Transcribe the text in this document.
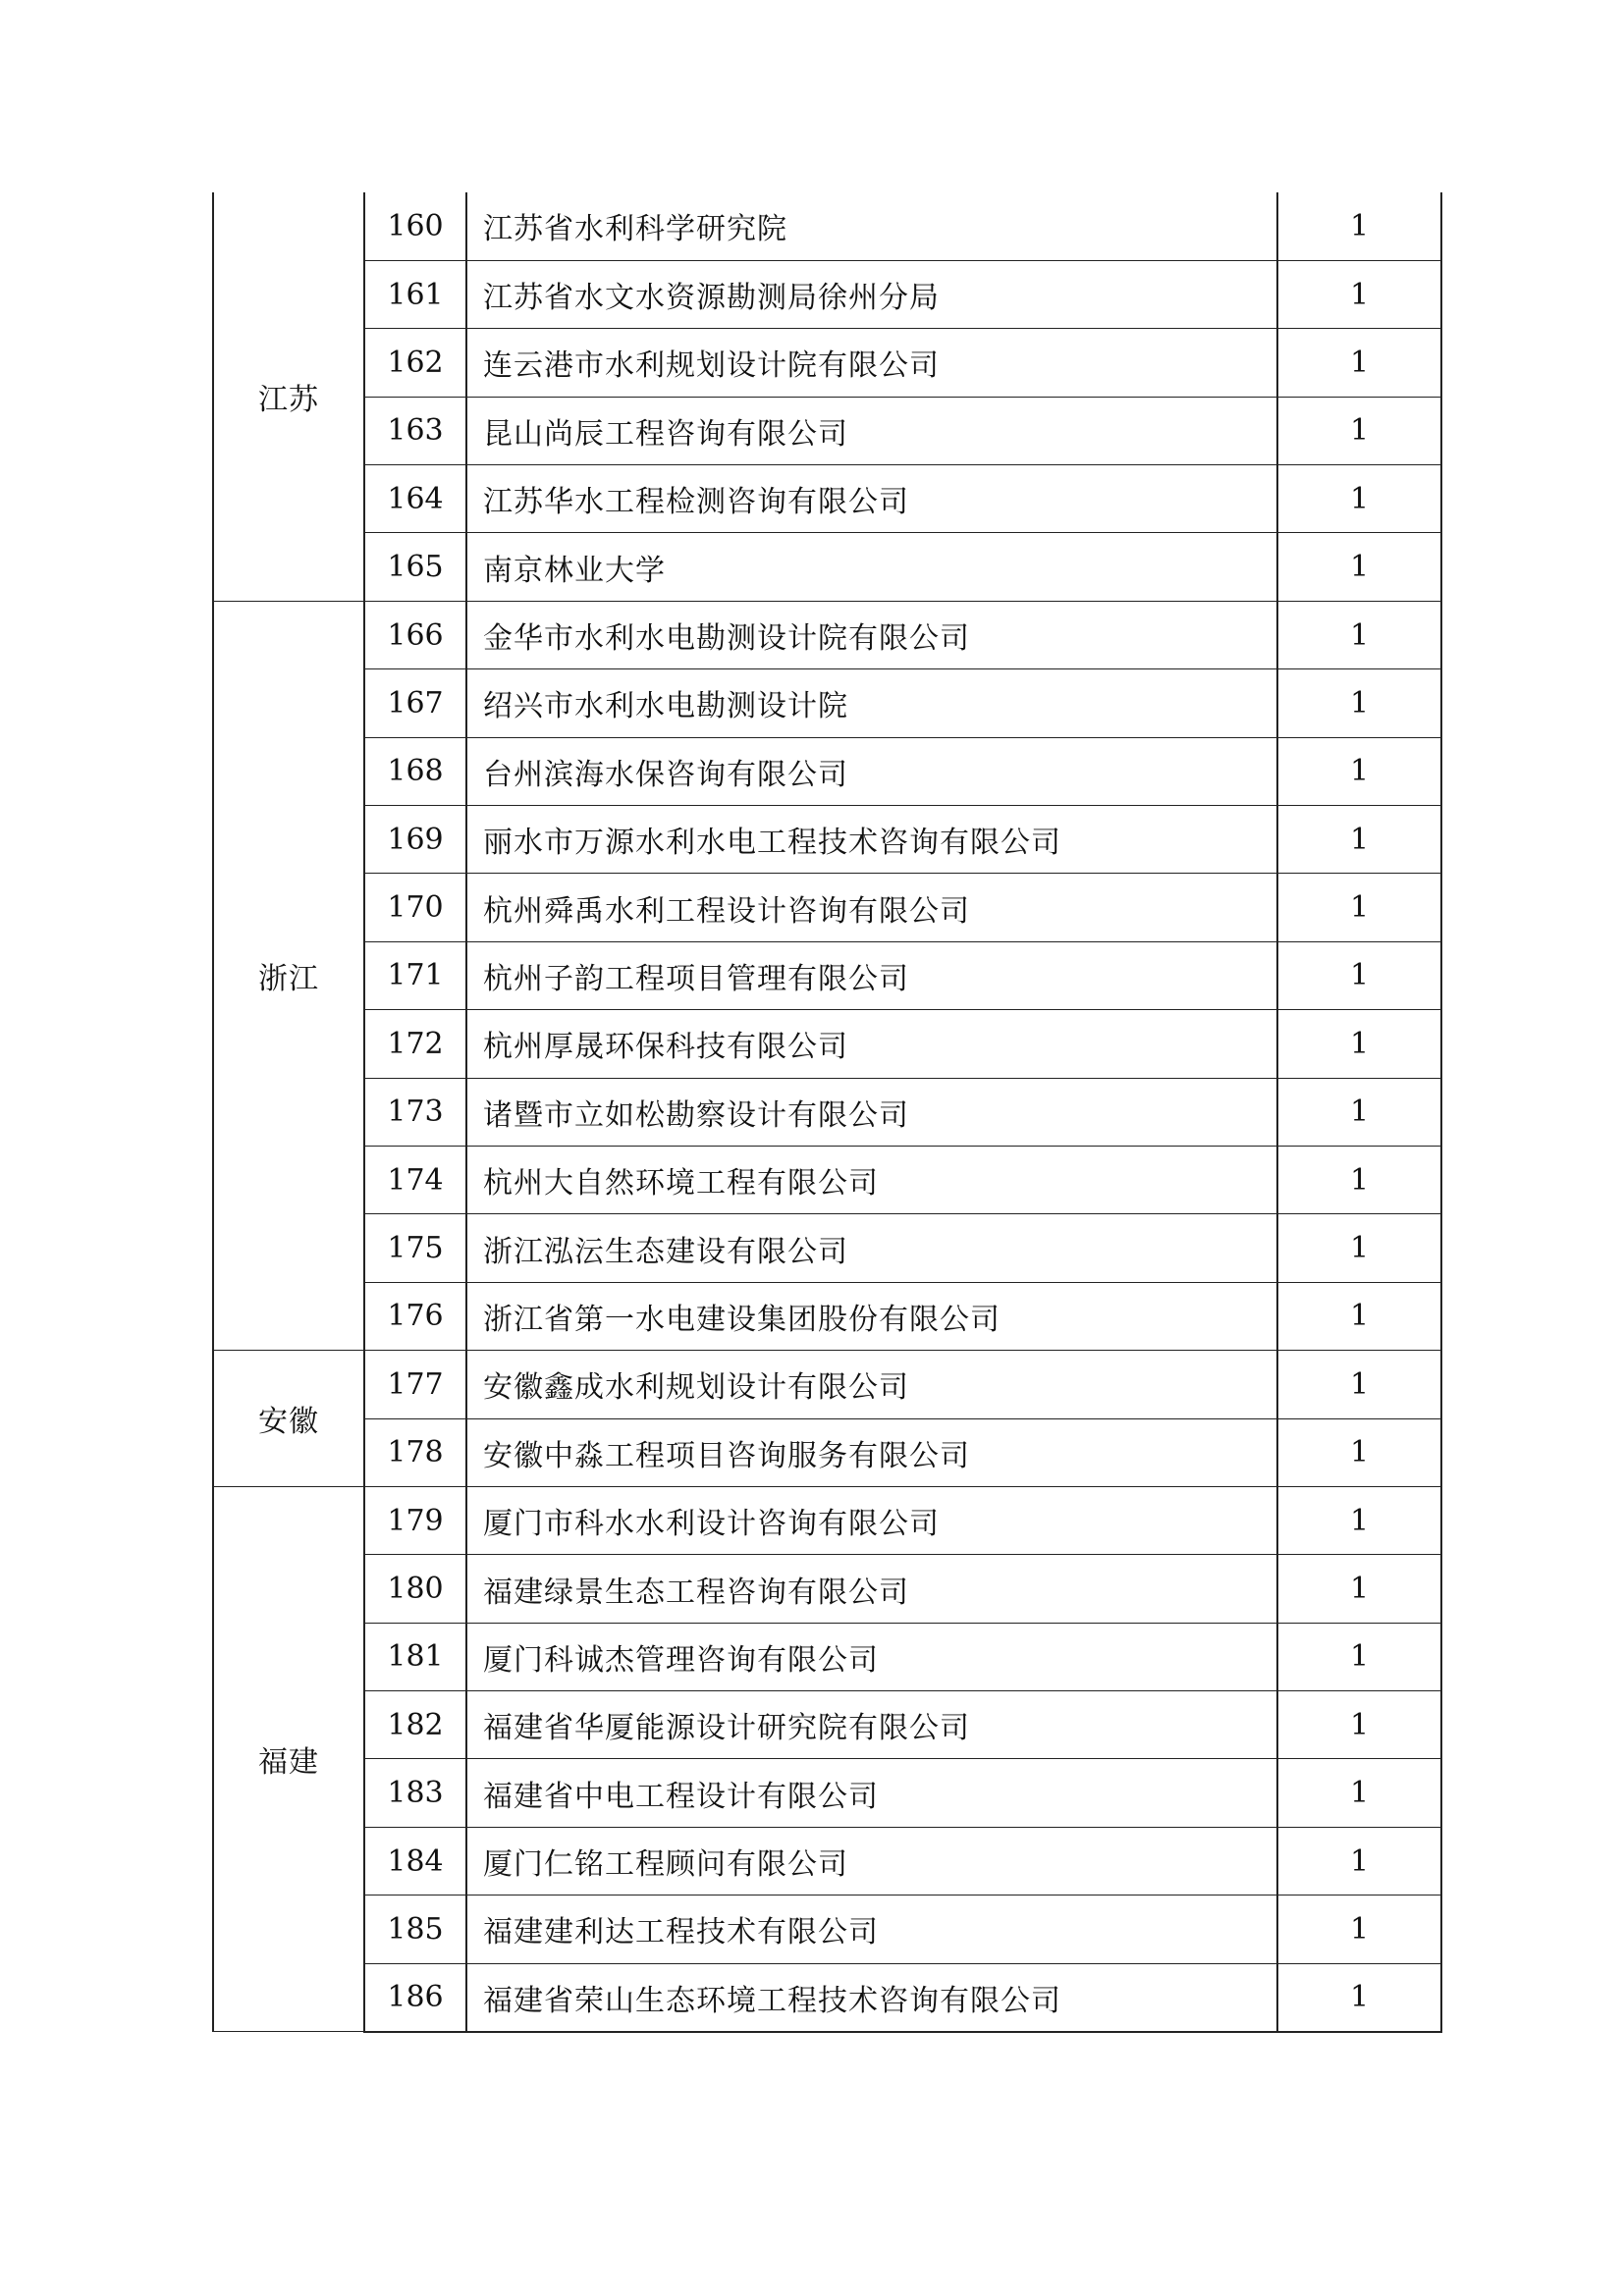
江苏	160	江苏省水利科学研究院	1
	161	江苏省水文水资源勘测局徐州分局	1
	162	连云港市水利规划设计院有限公司	1
	163	昆山尚辰工程咨询有限公司	1
	164	江苏华水工程检测咨询有限公司	1
	165	南京林业大学	1
浙江	166	金华市水利水电勘测设计院有限公司	1
	167	绍兴市水利水电勘测设计院	1
	168	台州滨海水保咨询有限公司	1
	169	丽水市万源水利水电工程技术咨询有限公司	1
	170	杭州舜禹水利工程设计咨询有限公司	1
	171	杭州子韵工程项目管理有限公司	1
	172	杭州厚晟环保科技有限公司	1
	173	诸暨市立如松勘察设计有限公司	1
	174	杭州大自然环境工程有限公司	1
	175	浙江泓沄生态建设有限公司	1
	176	浙江省第一水电建设集团股份有限公司	1
安徽	177	安徽鑫成水利规划设计有限公司	1
	178	安徽中淼工程项目咨询服务有限公司	1
福建	179	厦门市科水水利设计咨询有限公司	1
	180	福建绿景生态工程咨询有限公司	1
	181	厦门科诚杰管理咨询有限公司	1
	182	福建省华厦能源设计研究院有限公司	1
	183	福建省中电工程设计有限公司	1
	184	厦门仁铭工程顾问有限公司	1
	185	福建建利达工程技术有限公司	1
	186	福建省荣山生态环境工程技术咨询有限公司	1
